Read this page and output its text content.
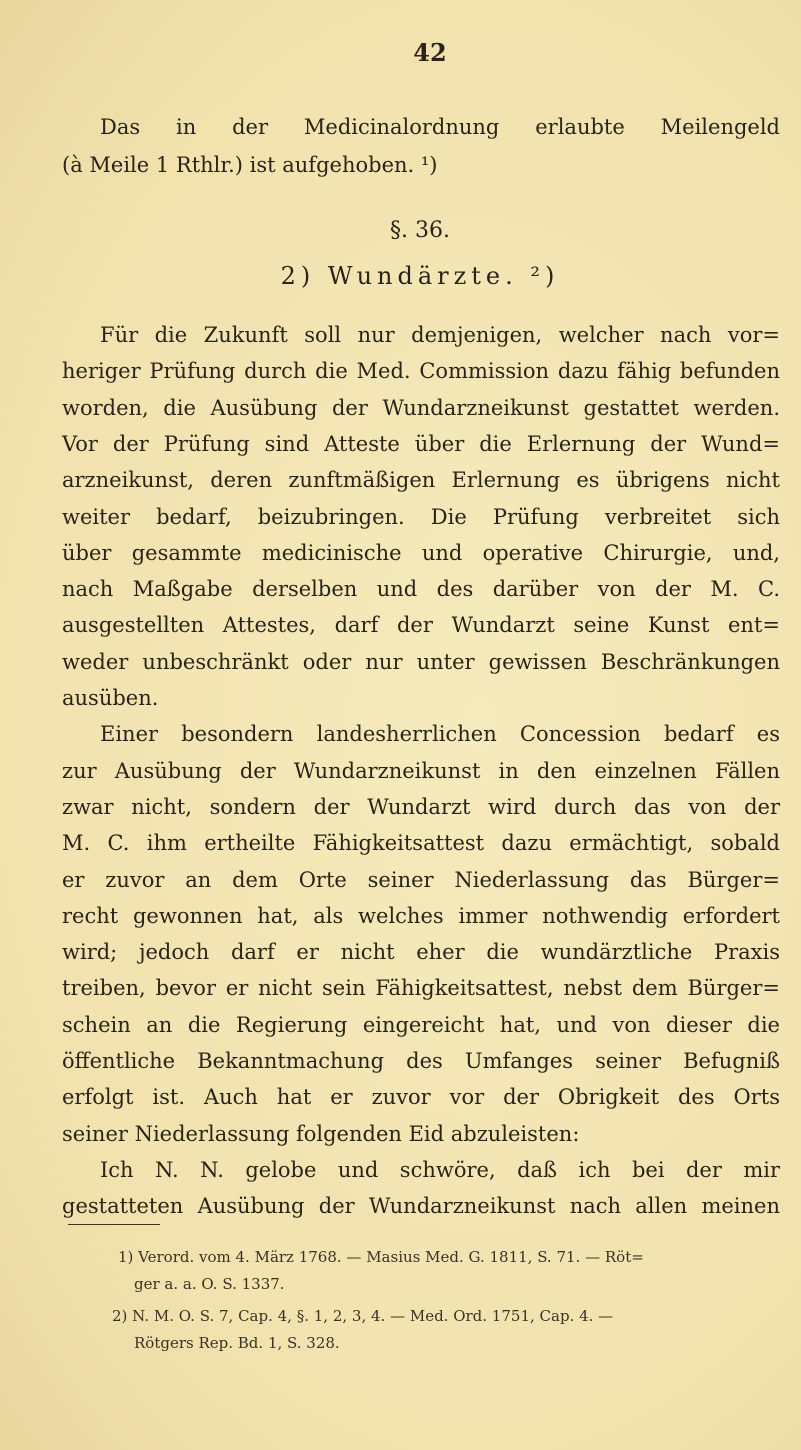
42
Das in der Medicinalordnung erlaubte Meilengeld
(à Meile 1 Rthlr.) ist aufgehoben. ¹)
§. 36.
2) Wundärzte. ²)
Für die Zukunft soll nur demjenigen, welcher nach vor=
heriger Prüfung durch die Med. Commission dazu fähig befunden
worden, die Ausübung der Wundarzneikunst gestattet werden.
Vor der Prüfung sind Atteste über die Erlernung der Wund=
arzneikunst, deren zunftmäßigen Erlernung es übrigens nicht
weiter bedarf, beizubringen. Die Prüfung verbreitet sich
über gesammte medicinische und operative Chirurgie, und,
nach Maßgabe derselben und des darüber von der M. C.
ausgestellten Attestes, darf der Wundarzt seine Kunst ent=
weder unbeschränkt oder nur unter gewissen Beschränkungen
ausüben.
Einer besondern landesherrlichen Concession bedarf es
zur Ausübung der Wundarzneikunst in den einzelnen Fällen
zwar nicht, sondern der Wundarzt wird durch das von der
M. C. ihm ertheilte Fähigkeitsattest dazu ermächtigt, sobald
er zuvor an dem Orte seiner Niederlassung das Bürger=
recht gewonnen hat, als welches immer nothwendig erfordert
wird; jedoch darf er nicht eher die wundärztliche Praxis
treiben, bevor er nicht sein Fähigkeitsattest, nebst dem Bürger=
schein an die Regierung eingereicht hat, und von dieser die
öffentliche Bekanntmachung des Umfanges seiner Befugniß
erfolgt ist. Auch hat er zuvor vor der Obrigkeit des Orts
seiner Niederlassung folgenden Eid abzuleisten:
Ich N. N. gelobe und schwöre, daß ich bei der mir
gestatteten Ausübung der Wundarzneikunst nach allen meinen
1) Verord. vom 4. März 1768. — Masius Med. G. 1811, S. 71. — Röt=
ger a. a. O. S. 1337.
2) N. M. O. S. 7, Cap. 4, §. 1, 2, 3, 4. — Med. Ord. 1751, Cap. 4. —
Rötgers Rep. Bd. 1, S. 328.
